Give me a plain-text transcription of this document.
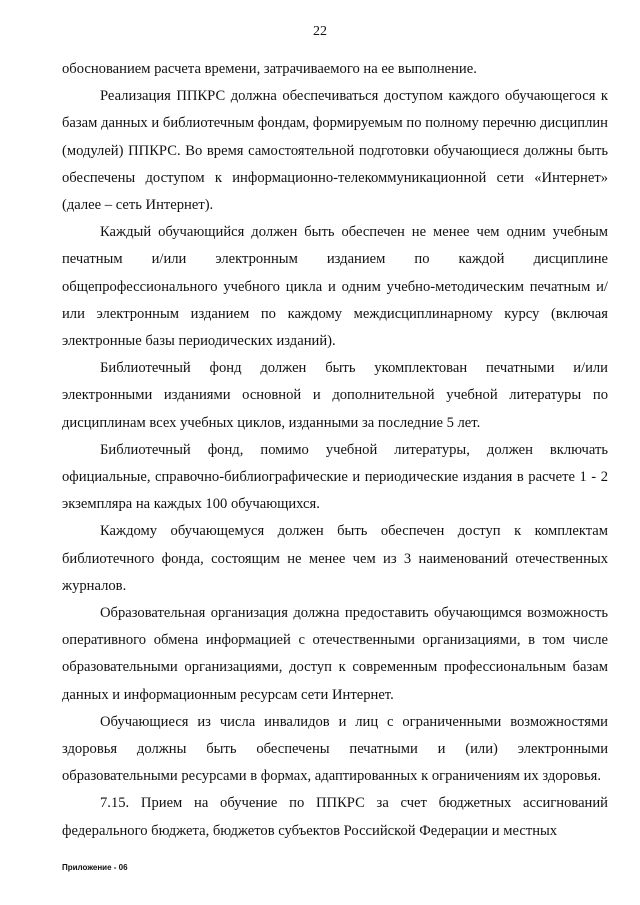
22

обоснованием расчета времени, затрачиваемого на ее выполнение.

Реализация ППКРС должна обеспечиваться доступом каждого обучающегося к базам данных и библиотечным фондам, формируемым по полному перечню дисциплин (модулей) ППКРС. Во время самостоятельной подготовки обучающиеся должны быть обеспечены доступом к информационно-телекоммуникационной сети «Интернет» (далее – сеть Интернет).

Каждый обучающийся должен быть обеспечен не менее чем одним учебным печатным и/или электронным изданием по каждой дисциплине общепрофессионального учебного цикла и одним учебно-методическим печатным и/или электронным изданием по каждому междисциплинарному курсу (включая электронные базы периодических изданий).

Библиотечный фонд должен быть укомплектован печатными и/или электронными изданиями основной и дополнительной учебной литературы по дисциплинам всех учебных циклов, изданными за последние 5 лет.

Библиотечный фонд, помимо учебной литературы, должен включать официальные, справочно-библиографические и периодические издания в расчете 1 - 2 экземпляра на каждых 100 обучающихся.

Каждому обучающемуся должен быть обеспечен доступ к комплектам библиотечного фонда, состоящим не менее чем из 3 наименований отечественных журналов.

Образовательная организация должна предоставить обучающимся возможность оперативного обмена информацией с отечественными организациями, в том числе образовательными организациями, доступ к современным профессиональным базам данных и информационным ресурсам сети Интернет.

Обучающиеся из числа инвалидов и лиц с ограниченными возможностями здоровья должны быть обеспечены печатными и (или) электронными образовательными ресурсами в формах, адаптированных к ограничениям их здоровья.

7.15. Прием на обучение по ППКРС за счет бюджетных ассигнований федерального бюджета, бюджетов субъектов Российской Федерации и местных

Приложение - 06
